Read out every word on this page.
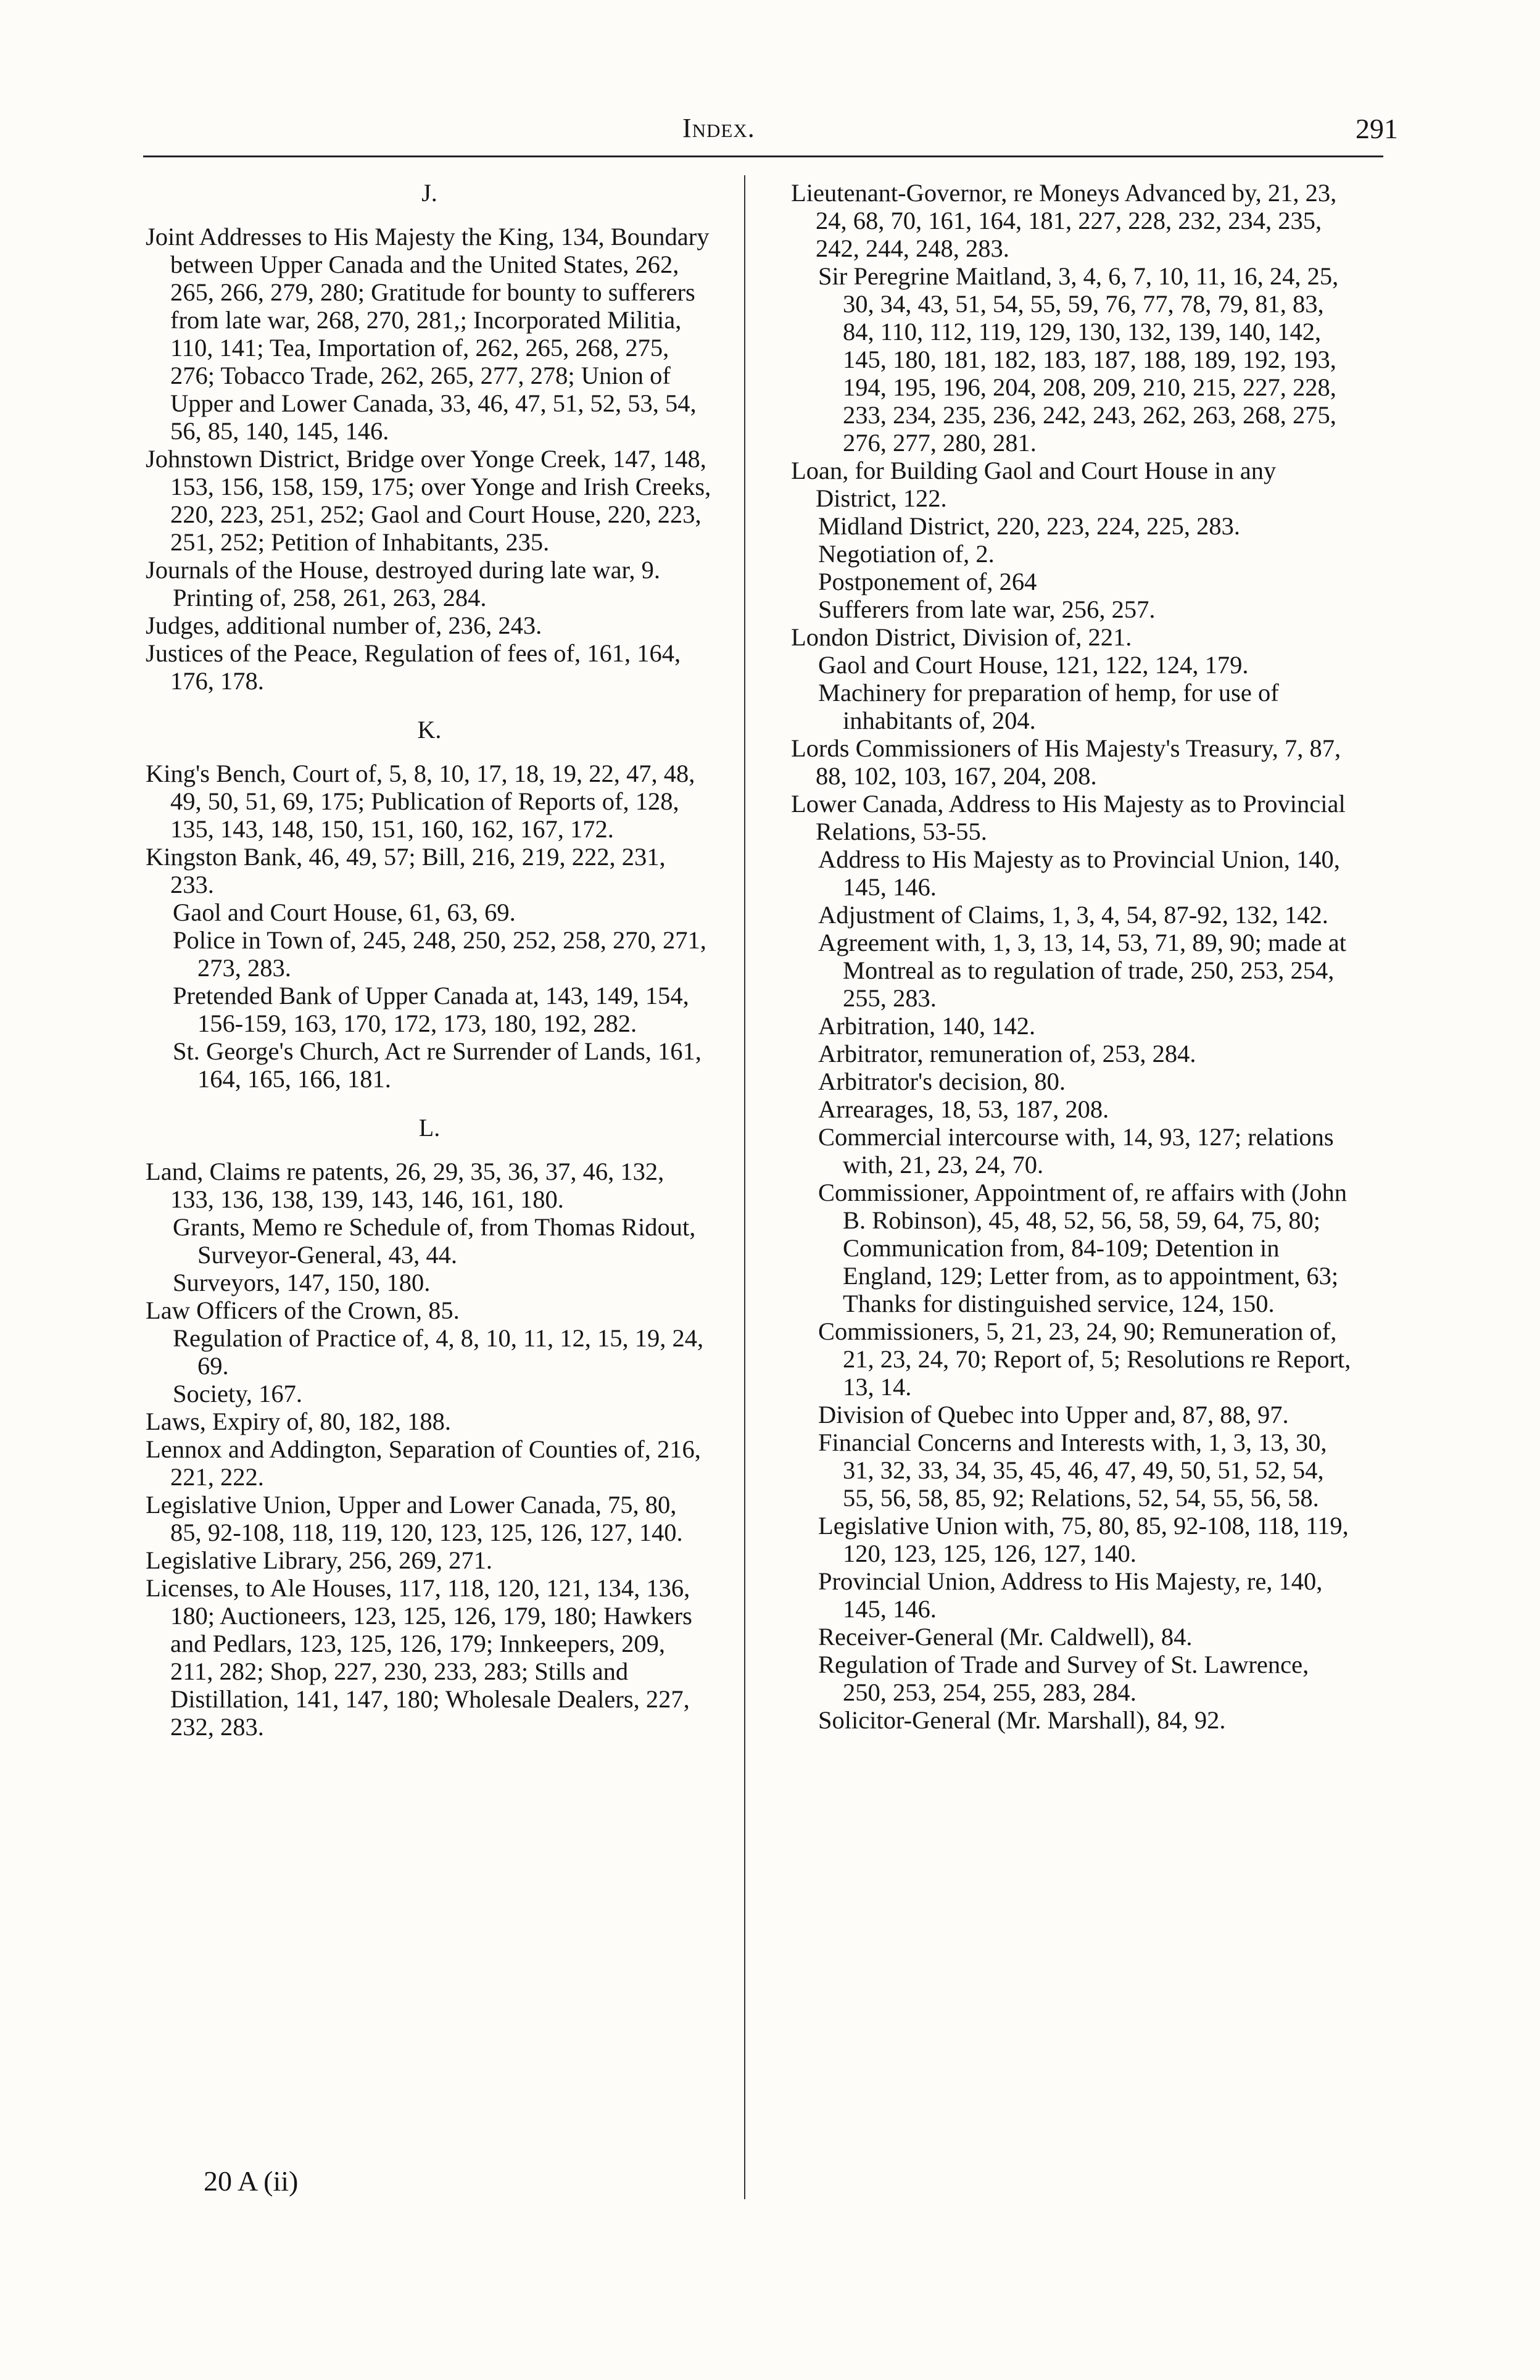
Index.	291
J.
Joint Addresses to His Majesty the King, 134, Boundary between Upper Canada and the United States, 262, 265, 266, 279, 280; Gratitude for bounty to sufferers from late war, 268, 270, 281,; Incorporated Militia, 110, 141; Tea, Importation of, 262, 265, 268, 275, 276; Tobacco Trade, 262, 265, 277, 278; Union of Upper and Lower Canada, 33, 46, 47, 51, 52, 53, 54, 56, 85, 140, 145, 146.
Johnstown District, Bridge over Yonge Creek, 147, 148, 153, 156, 158, 159, 175; over Yonge and Irish Creeks, 220, 223, 251, 252; Gaol and Court House, 220, 223, 251, 252; Petition of Inhabitants, 235.
Journals of the House, destroyed during late war, 9.
Printing of, 258, 261, 263, 284.
Judges, additional number of, 236, 243.
Justices of the Peace, Regulation of fees of, 161, 164, 176, 178.
K.
King's Bench, Court of, 5, 8, 10, 17, 18, 19, 22, 47, 48, 49, 50, 51, 69, 175; Publication of Reports of, 128, 135, 143, 148, 150, 151, 160, 162, 167, 172.
Kingston Bank, 46, 49, 57; Bill, 216, 219, 222, 231, 233.
Gaol and Court House, 61, 63, 69.
Police in Town of, 245, 248, 250, 252, 258, 270, 271, 273, 283.
Pretended Bank of Upper Canada at, 143, 149, 154, 156-159, 163, 170, 172, 173, 180, 192, 282.
St. George's Church, Act re Surrender of Lands, 161, 164, 165, 166, 181.
L.
Land, Claims re patents, 26, 29, 35, 36, 37, 46, 132, 133, 136, 138, 139, 143, 146, 161, 180.
Grants, Memo re Schedule of, from Thomas Ridout, Surveyor-General, 43, 44.
Surveyors, 147, 150, 180.
Law Officers of the Crown, 85.
Regulation of Practice of, 4, 8, 10, 11, 12, 15, 19, 24, 69.
Society, 167.
Laws, Expiry of, 80, 182, 188.
Lennox and Addington, Separation of Counties of, 216, 221, 222.
Legislative Union, Upper and Lower Canada, 75, 80, 85, 92-108, 118, 119, 120, 123, 125, 126, 127, 140.
Legislative Library, 256, 269, 271.
Licenses, to Ale Houses, 117, 118, 120, 121, 134, 136, 180; Auctioneers, 123, 125, 126, 179, 180; Hawkers and Pedlars, 123, 125, 126, 179; Innkeepers, 209, 211, 282; Shop, 227, 230, 233, 283; Stills and Distillation, 141, 147, 180; Wholesale Dealers, 227, 232, 283.
Lieutenant-Governor, re Moneys Advanced by, 21, 23, 24, 68, 70, 161, 164, 181, 227, 228, 232, 234, 235, 242, 244, 248, 283.
Sir Peregrine Maitland, 3, 4, 6, 7, 10, 11, 16, 24, 25, 30, 34, 43, 51, 54, 55, 59, 76, 77, 78, 79, 81, 83, 84, 110, 112, 119, 129, 130, 132, 139, 140, 142, 145, 180, 181, 182, 183, 187, 188, 189, 192, 193, 194, 195, 196, 204, 208, 209, 210, 215, 227, 228, 233, 234, 235, 236, 242, 243, 262, 263, 268, 275, 276, 277, 280, 281.
Loan, for Building Gaol and Court House in any District, 122.
Midland District, 220, 223, 224, 225, 283.
Negotiation of, 2.
Postponement of, 264
Sufferers from late war, 256, 257.
London District, Division of, 221.
Gaol and Court House, 121, 122, 124, 179.
Machinery for preparation of hemp, for use of inhabitants of, 204.
Lords Commissioners of His Majesty's Treasury, 7, 87, 88, 102, 103, 167, 204, 208.
Lower Canada, Address to His Majesty as to Provincial Relations, 53-55.
Address to His Majesty as to Provincial Union, 140, 145, 146.
Adjustment of Claims, 1, 3, 4, 54, 87-92, 132, 142.
Agreement with, 1, 3, 13, 14, 53, 71, 89, 90; made at Montreal as to regulation of trade, 250, 253, 254, 255, 283.
Arbitration, 140, 142.
Arbitrator, remuneration of, 253, 284.
Arbitrator's decision, 80.
Arrearages, 18, 53, 187, 208.
Commercial intercourse with, 14, 93, 127; relations with, 21, 23, 24, 70.
Commissioner, Appointment of, re affairs with (John B. Robinson), 45, 48, 52, 56, 58, 59, 64, 75, 80; Communication from, 84-109; Detention in England, 129; Letter from, as to appointment, 63; Thanks for distinguished service, 124, 150.
Commissioners, 5, 21, 23, 24, 90; Remuneration of, 21, 23, 24, 70; Report of, 5; Resolutions re Report, 13, 14.
Division of Quebec into Upper and, 87, 88, 97.
Financial Concerns and Interests with, 1, 3, 13, 30, 31, 32, 33, 34, 35, 45, 46, 47, 49, 50, 51, 52, 54, 55, 56, 58, 85, 92; Relations, 52, 54, 55, 56, 58.
Legislative Union with, 75, 80, 85, 92-108, 118, 119, 120, 123, 125, 126, 127, 140.
Provincial Union, Address to His Majesty, re, 140, 145, 146.
Receiver-General (Mr. Caldwell), 84.
Regulation of Trade and Survey of St. Lawrence, 250, 253, 254, 255, 283, 284.
Solicitor-General (Mr. Marshall), 84, 92.
20 A (ii)
